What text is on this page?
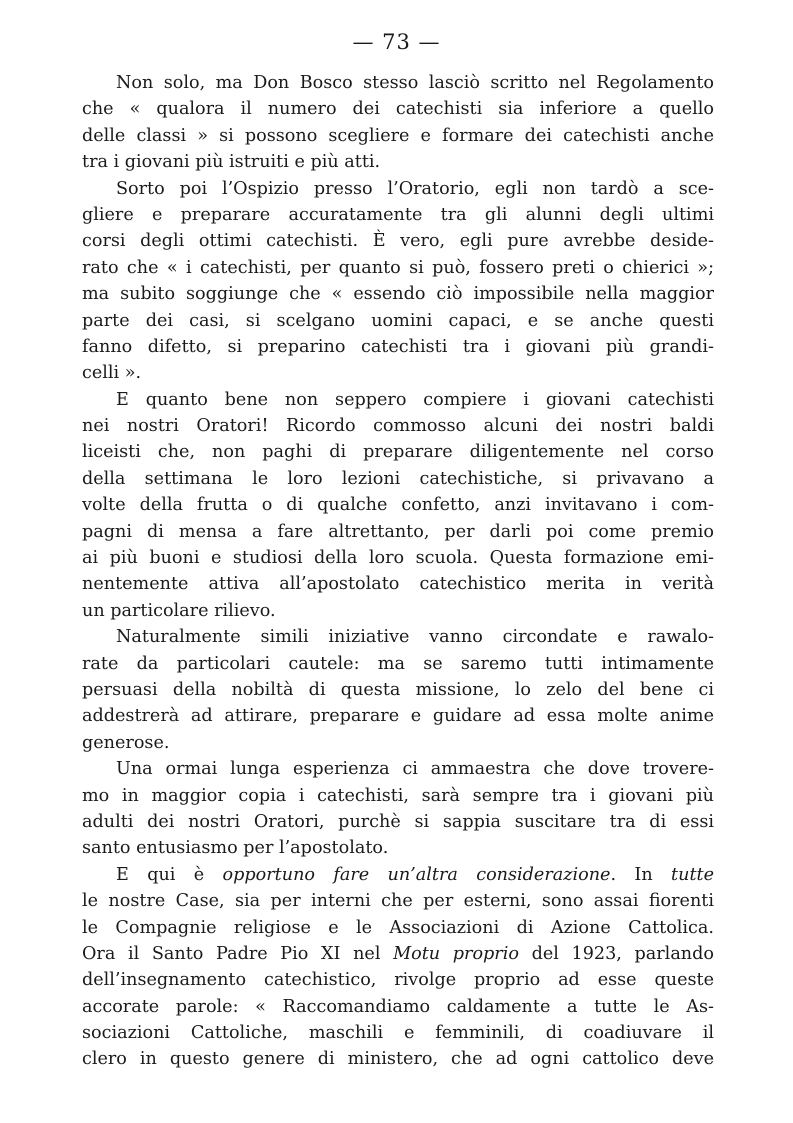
— 73 —
Non solo, ma Don Bosco stesso lasciò scritto nel Regolamento
che « qualora il numero dei catechisti sia inferiore a quello
delle classi » si possono scegliere e formare dei catechisti anche
tra i giovani più istruiti e più atti.
Sorto poi l’Ospizio presso l’Oratorio, egli non tardò a sce-
gliere e preparare accuratamente tra gli alunni degli ultimi
corsi degli ottimi catechisti. È vero, egli pure avrebbe deside-
rato che « i catechisti, per quanto si può, fossero preti o chierici »;
ma subito soggiunge che « essendo ciò impossibile nella maggior
parte dei casi, si scelgano uomini capaci, e se anche questi
fanno difetto, si preparino catechisti tra i giovani più grandi-
celli ».
E quanto bene non seppero compiere i giovani catechisti
nei nostri Oratori! Ricordo commosso alcuni dei nostri baldi
liceisti che, non paghi di preparare diligentemente nel corso
della settimana le loro lezioni catechistiche, si privavano a
volte della frutta o di qualche confetto, anzi invitavano i com-
pagni di mensa a fare altrettanto, per darli poi come premio
ai più buoni e studiosi della loro scuola. Questa formazione emi-
nentemente attiva all’apostolato catechistico merita in verità
un particolare rilievo.
Naturalmente simili iniziative vanno circondate e rawalo-
rate da particolari cautele: ma se saremo tutti intimamente
persuasi della nobiltà di questa missione, lo zelo del bene ci
addestrerà ad attirare, preparare e guidare ad essa molte anime
generose.
Una ormai lunga esperienza ci ammaestra che dove trovere-
mo in maggior copia i catechisti, sarà sempre tra i giovani più
adulti dei nostri Oratori, purchè si sappia suscitare tra di essi
santo entusiasmo per l’apostolato.
E qui è opportuno fare un’altra considerazione. In tutte
le nostre Case, sia per interni che per esterni, sono assai fiorenti
le Compagnie religiose e le Associazioni di Azione Cattolica.
Ora il Santo Padre Pio XI nel Motu proprio del 1923, parlando
dell’insegnamento catechistico, rivolge proprio ad esse queste
accorate parole: « Raccomandiamo caldamente a tutte le As-
sociazioni Cattoliche, maschili e femminili, di coadiuvare il
clero in questo genere di ministero, che ad ogni cattolico deve
